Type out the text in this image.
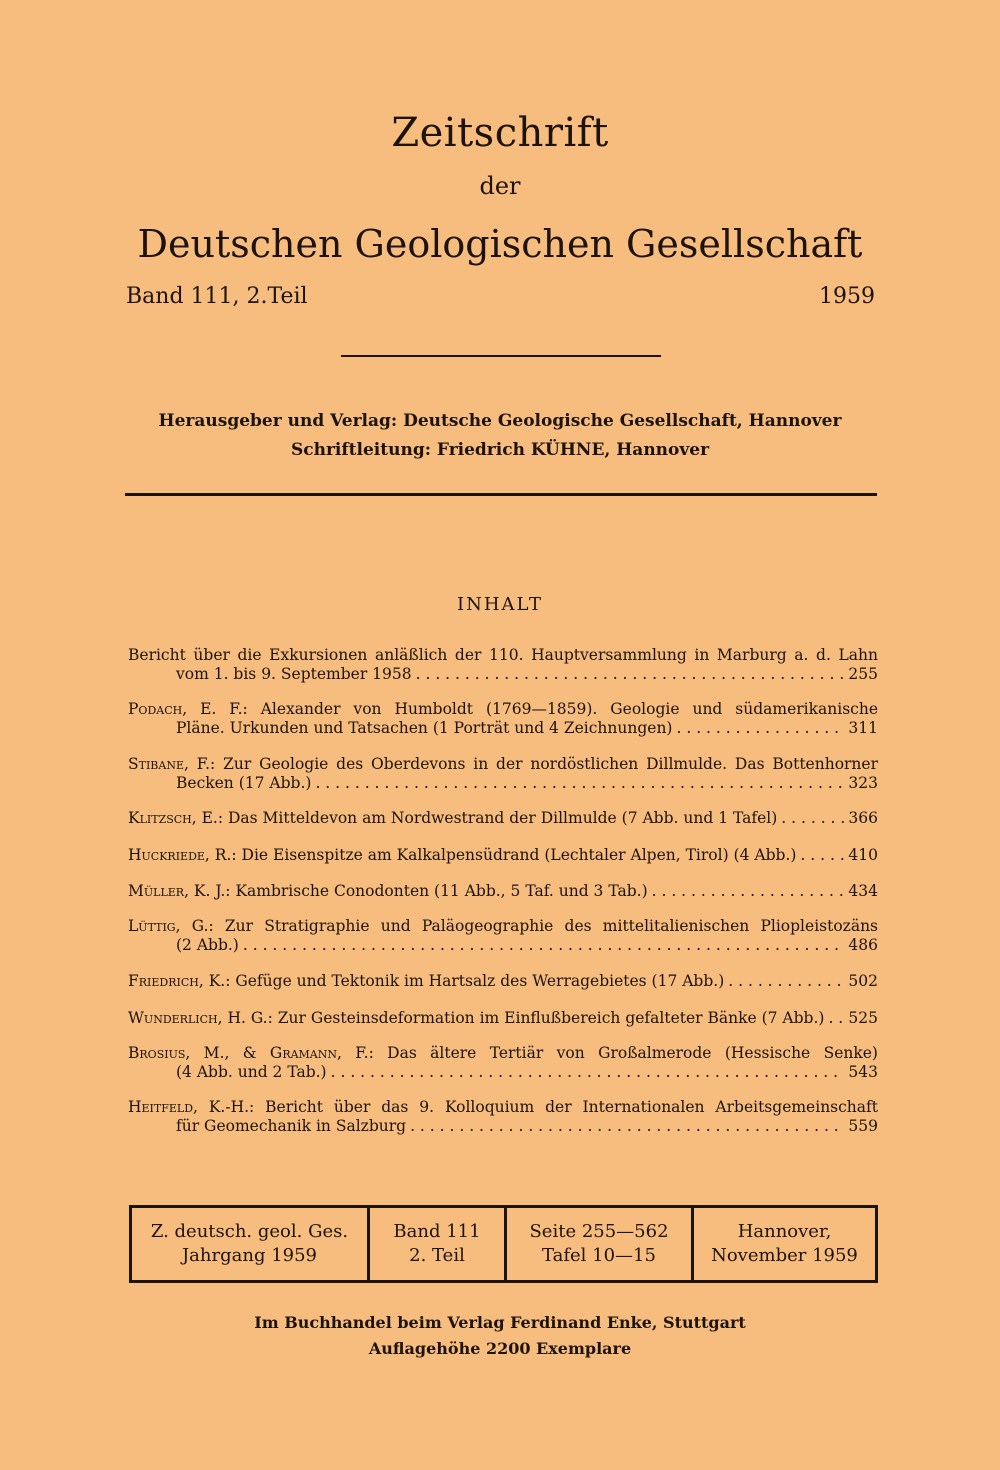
Zeitschrift
der
Deutschen Geologischen Gesellschaft
Band 111, 2.Teil	1959
Herausgeber und Verlag: Deutsche Geologische Gesellschaft, Hannover
Schriftleitung: Friedrich KÜHNE, Hannover
INHALT
Bericht über die Exkursionen anläßlich der 110. Hauptversammlung in Marburg a. d. Lahn
vom 1. bis 9. September 1958 . . .	255
Podach, E. F.: Alexander von Humboldt (1769—1859). Geologie und südamerikanische
Pläne. Urkunden und Tatsachen (1 Porträt und 4 Zeichnungen) . . .	311
Stibane, F.: Zur Geologie des Oberdevons in der nordöstlichen Dillmulde. Das Bottenhorner
Becken (17 Abb.) . . .	323
Klitzsch, E.: Das Mitteldevon am Nordwestrand der Dillmulde (7 Abb. und 1 Tafel) . . .	366
Huckriede, R.: Die Eisenspitze am Kalkalpensüdrand (Lechtaler Alpen, Tirol) (4 Abb.) . . .	410
Müller, K. J.: Kambrische Conodonten (11 Abb., 5 Taf. und 3 Tab.) . . .	434
Lüttig, G.: Zur Stratigraphie und Paläogeographie des mittelitalienischen Pliopleistozäns
(2 Abb.) . . .	486
Friedrich, K.: Gefüge und Tektonik im Hartsalz des Werragebietes (17 Abb.) . . .	502
Wunderlich, H. G.: Zur Gesteinsdeformation im Einflußbereich gefalteter Bänke (7 Abb.) . . . 525
Brosius, M., & Gramann, F.: Das ältere Tertiär von Großalmerode (Hessische Senke)
(4 Abb. und 2 Tab.) . . .	543
Heitfeld, K.-H.: Bericht über das 9. Kolloquium der Internationalen Arbeitsgemeinschaft
für Geomechanik in Salzburg . . .	559
Z. deutsch. geol. Ges.
Jahrgang 1959
Band 111
2. Teil
Seite 255—562
Tafel 10—15
Hannover,
November 1959
Im Buchhandel beim Verlag Ferdinand Enke, Stuttgart
Auflagehöhe 2200 Exemplare
